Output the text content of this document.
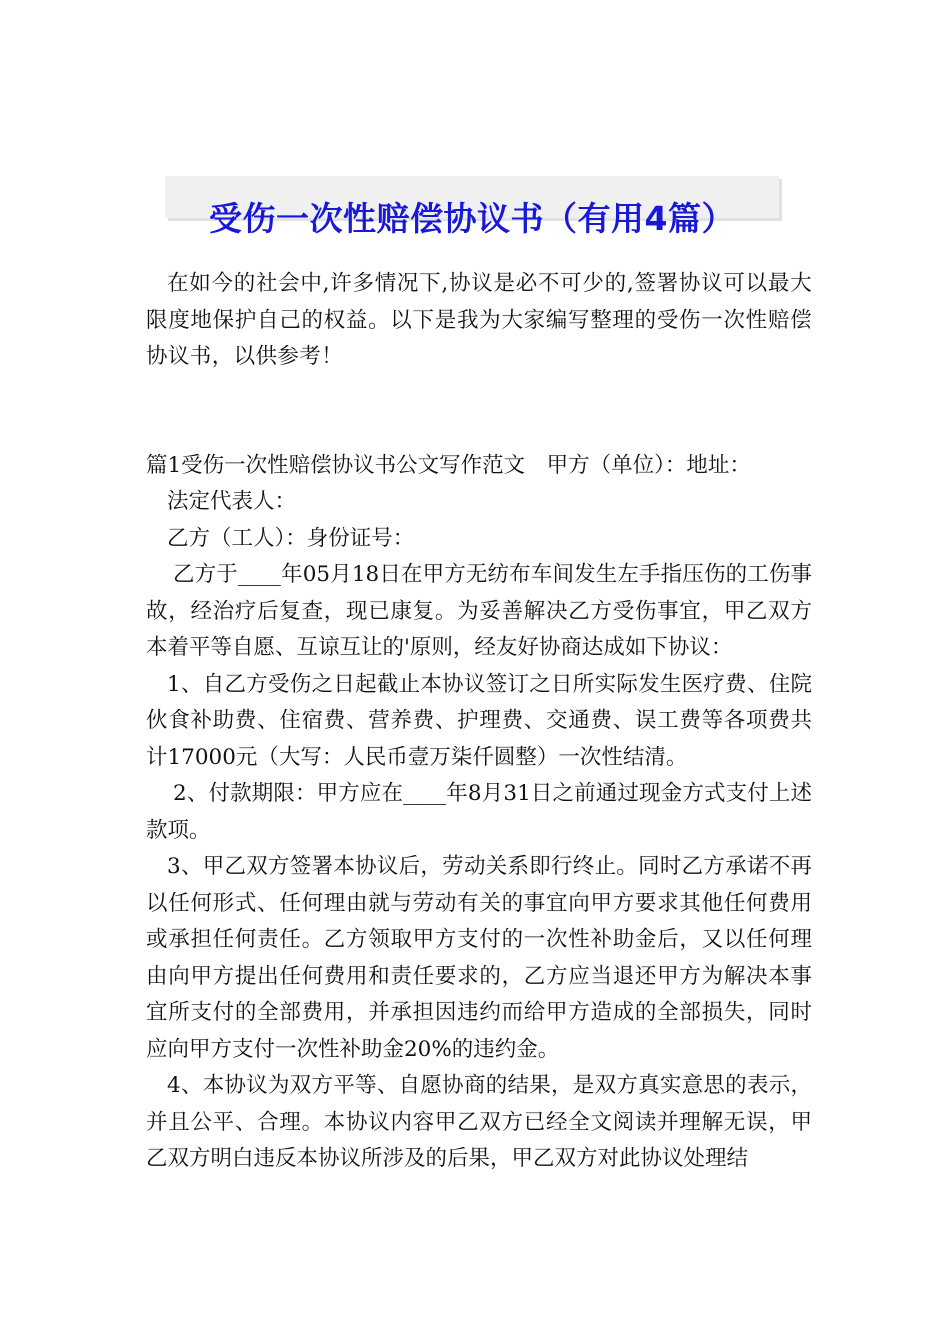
受伤一次性赔偿协议书（有用4篇）

在如今的社会中,许多情况下,协议是必不可少的,签署协议可以最大限度地保护自己的权益。以下是我为大家编写整理的受伤一次性赔偿协议书，以供参考！

篇1受伤一次性赔偿协议书公文写作范文　甲方（单位）：地址：

法定代表人：

乙方（工人）：身份证号：

乙方于____年05月18日在甲方无纺布车间发生左手指压伤的工伤事故，经治疗后复查，现已康复。为妥善解决乙方受伤事宜，甲乙双方本着平等自愿、互谅互让的'原则，经友好协商达成如下协议：

1、自乙方受伤之日起截止本协议签订之日所实际发生医疗费、住院伙食补助费、住宿费、营养费、护理费、交通费、误工费等各项费共计17000元（大写：人民币壹万柒仟圆整）一次性结清。

2、付款期限：甲方应在____年8月31日之前通过现金方式支付上述款项。

3、甲乙双方签署本协议后，劳动关系即行终止。同时乙方承诺不再以任何形式、任何理由就与劳动有关的事宜向甲方要求其他任何费用或承担任何责任。乙方领取甲方支付的一次性补助金后，又以任何理由向甲方提出任何费用和责任要求的，乙方应当退还甲方为解决本事宜所支付的全部费用，并承担因违约而给甲方造成的全部损失，同时应向甲方支付一次性补助金20%的违约金。

4、本协议为双方平等、自愿协商的结果，是双方真实意思的表示，并且公平、合理。本协议内容甲乙双方已经全文阅读并理解无误，甲乙双方明白违反本协议所涉及的后果，甲乙双方对此协议处理结
